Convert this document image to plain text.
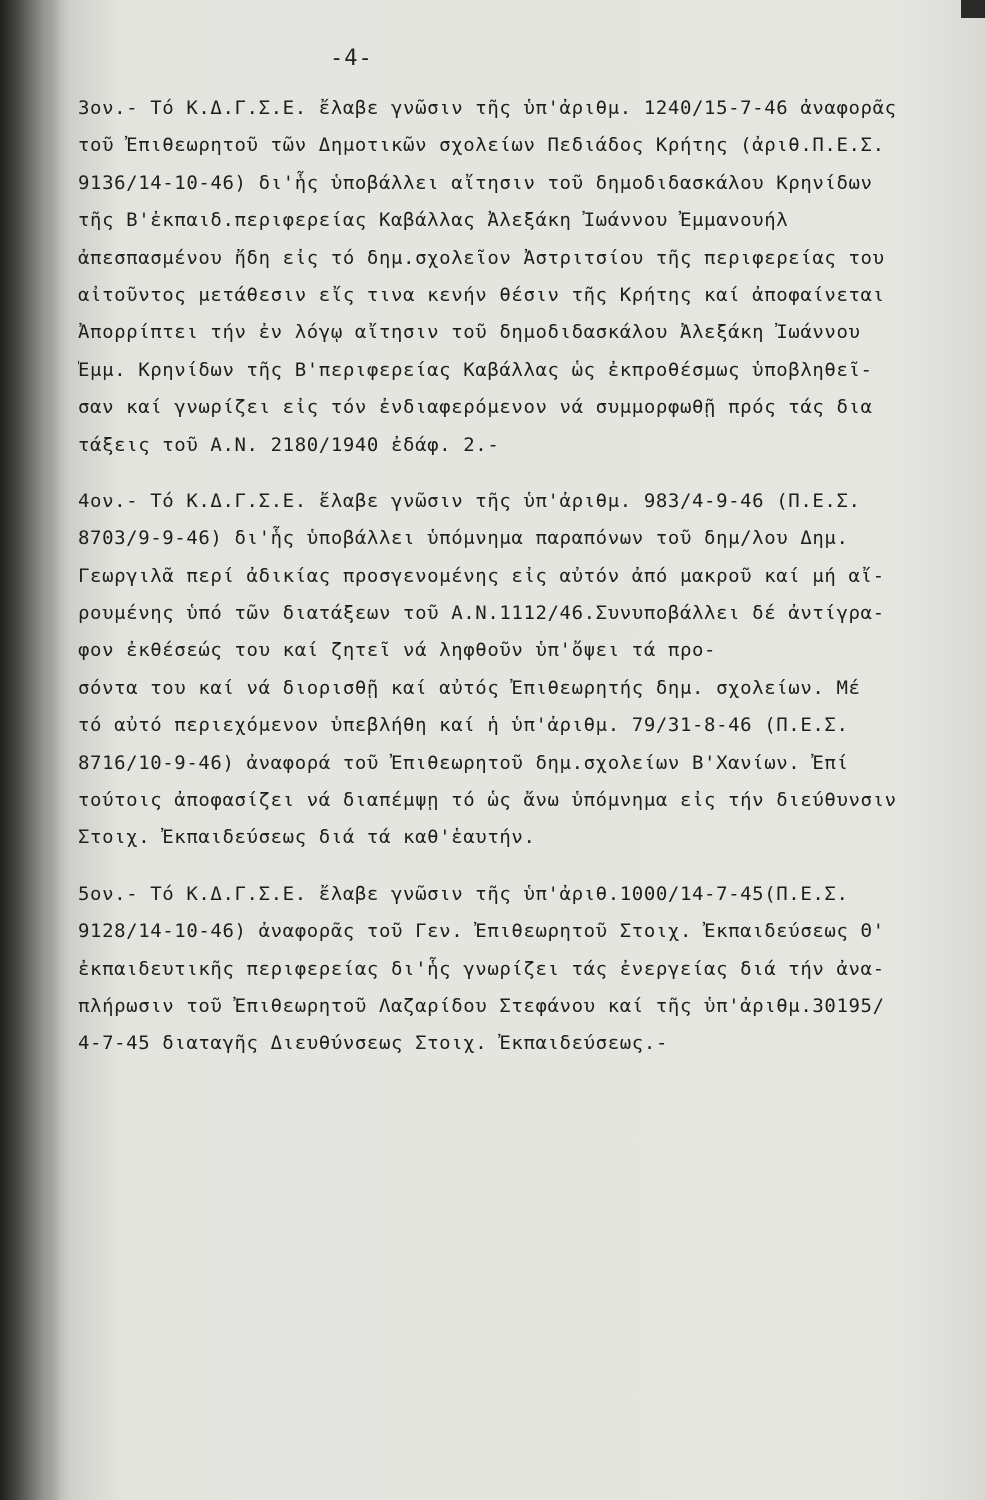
-4-
3ον.- Τό Κ.Δ.Γ.Σ.Ε. ἔλαβε γνῶσιν τῆς ὑπ'ἀριθμ. 1240/15-7-46 ἀναφορᾶς
τοῦ Ἐπιθεωρητοῦ τῶν Δημοτικῶν σχολείων Πεδιάδος Κρήτης (ἀριθ.Π.Ε.Σ.
9136/14-10-46) δι'ἧς ὑποβάλλει αἴτησιν τοῦ δημοδιδασκάλου Κρηνίδων
τῆς Β'ἐκπαιδ.περιφερείας Καβάλλας Ἀλεξάκη Ἰωάννου Ἐμμανουήλ
ἀπεσπασμένου ἤδη εἰς τό δημ.σχολεῖον Ἀστριτσίου τῆς περιφερείας του
αἰτοῦντος μετάθεσιν εἴς τινα κενήν θέσιν τῆς Κρήτης καί ἀποφαίνεται
Ἀπορρίπτει τήν ἐν λόγῳ αἴτησιν τοῦ δημοδιδασκάλου Ἀλεξάκη Ἰωάννου
Ἐμμ. Κρηνίδων τῆς Β'περιφερείας Καβάλλας ὡς ἐκπροθέσμως ὑποβληθεῖ-
σαν καί γνωρίζει εἰς τόν ἐνδιαφερόμενον νά συμμορφωθῇ πρός τάς δια
τάξεις τοῦ Α.Ν. 2180/1940 ἐδάφ. 2.-
4ον.- Τό Κ.Δ.Γ.Σ.Ε. ἔλαβε γνῶσιν τῆς ὑπ'ἀριθμ. 983/4-9-46 (Π.Ε.Σ.
8703/9-9-46) δι'ἧς ὑποβάλλει ὑπόμνημα παραπόνων τοῦ δημ/λου Δημ.
Γεωργιλᾶ περί ἀδικίας προσγενομένης εἰς αὐτόν ἀπό μακροῦ καί μή αἴ-
ρουμένης ὑπό τῶν διατάξεων τοῦ Α.Ν.1112/46.Συνυποβάλλει δέ ἀντίγρα-
φον ἐκθέσεώς του καί ζητεῖ νά ληφθοῦν ὑπ'ὄψει τά προ-
σόντα του καί νά διορισθῇ καί αὐτός Ἐπιθεωρητής δημ. σχολείων. Μέ
τό αὐτό περιεχόμενον ὑπεβλήθη καί ἡ ὑπ'ἀριθμ. 79/31-8-46 (Π.Ε.Σ.
8716/10-9-46) ἀναφορά τοῦ Ἐπιθεωρητοῦ δημ.σχολείων Β'Χανίων. Ἐπί
τούτοις ἀποφασίζει νά διαπέμψῃ τό ὡς ἄνω ὑπόμνημα εἰς τήν διεύθυνσιν
Στοιχ. Ἐκπαιδεύσεως διά τά καθ'ἑαυτήν.
5ον.- Τό Κ.Δ.Γ.Σ.Ε. ἔλαβε γνῶσιν τῆς ὑπ'ἀριθ.1000/14-7-45(Π.Ε.Σ.
9128/14-10-46) ἀναφορᾶς τοῦ Γεν. Ἐπιθεωρητοῦ Στοιχ. Ἐκπαιδεύσεως Θ'
ἐκπαιδευτικῆς περιφερείας δι'ἧς γνωρίζει τάς ἐνεργείας διά τήν ἀνα-
πλήρωσιν τοῦ Ἐπιθεωρητοῦ Λαζαρίδου Στεφάνου καί τῆς ὑπ'ἀριθμ.30195/
4-7-45 διαταγῆς Διευθύνσεως Στοιχ. Ἐκπαιδεύσεως.-
